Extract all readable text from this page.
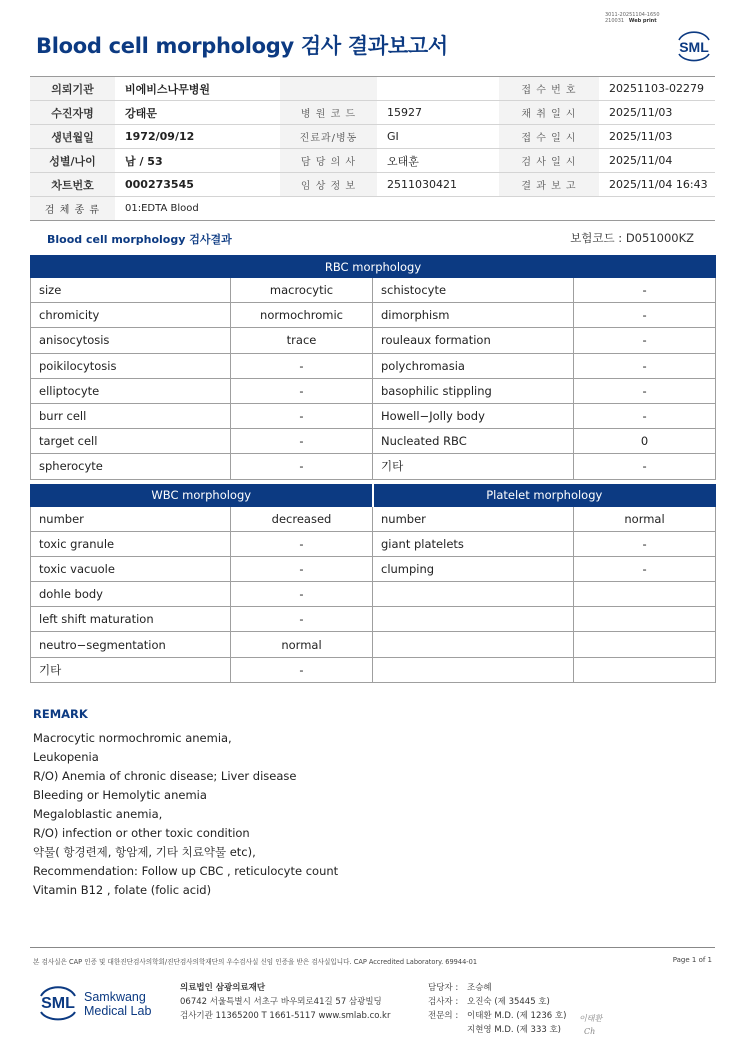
3011-20251104-1650
210031 Web print
Blood cell morphology 검사 결과보고서	SML
의뢰기관	비에비스나무병원			접 수 번 호	20251103-02279
수진자명	강태문	병 원 코 드	15927	채 취 일 시	2025/11/03
생년월일	1972/09/12	진료과/병동	GI	접 수 일 시	2025/11/03
성별/나이	남 / 53	담 당 의 사	오태훈	검 사 일 시	2025/11/04
차트번호	000273545	임 상 정 보	2511030421	결 과 보 고	2025/11/04 16:43
검 체 종 류	01:EDTA Blood				
Blood cell morphology 검사결과	보험코드 : D051000KZ
RBC morphology			
size	macrocytic	schistocyte	-
chromicity	normochromic	dimorphism	-
anisocytosis	trace	rouleaux formation	-
poikilocytosis	-	polychromasia	-
elliptocyte	-	basophilic stippling	-
burr cell	-	Howell−Jolly body	-
target cell	-	Nucleated RBC	0
spherocyte	-	기타	-

WBC morphology		Platelet morphology	
number	decreased	number	normal
toxic granule	-	giant platelets	-
toxic vacuole	-	clumping	-
dohle body	-		
left shift maturation	-		
neutro−segmentation	normal		
기타	-		
REMARK
Macrocytic normochromic anemia,
Leukopenia
R/O) Anemia of chronic disease; Liver disease
Bleeding or Hemolytic anemia
Megaloblastic anemia,
R/O) infection or other toxic condition
약물( 항경련제, 항암제, 기타 치료약물 etc),
Recommendation: Follow up CBC , reticulocyte count
Vitamin B12 , folate (folic acid)
본 검사실은 CAP 인증 및 대한진단검사의학회/진단검사의학재단의 우수검사실 신임 인증을 받은 검사실입니다. CAP Accredited Laboratory. 69944-01	Page 1 of 1
SML Samkwang
Medical Lab
의료법인 삼광의료재단
06742 서울특별시 서초구 바우뫼로41길 57 삼광빌딩
검사기관 11365200 T 1661-5117 www.smlab.co.kr
담당자 :	조승혜
검사자 :	오진숙 (제 35445 호)
전문의 :	이태환 M.D. (제 1236 호)
지현영 M.D. (제 333 호)
이태환
Ch
